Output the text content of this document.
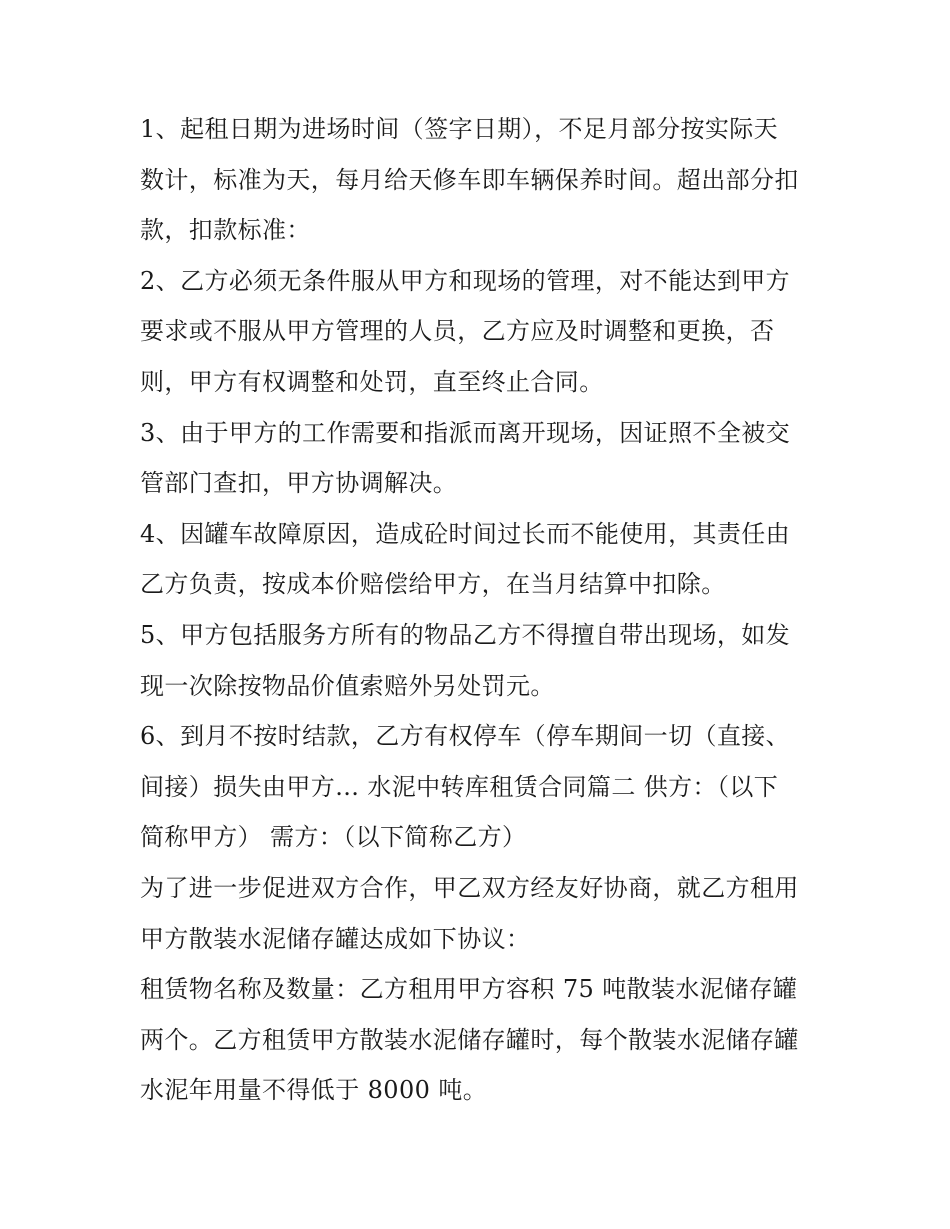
1、起租日期为进场时间（签字日期），不足月部分按实际天
数计，标准为天，每月给天修车即车辆保养时间。超出部分扣
款，扣款标准：
2、乙方必须无条件服从甲方和现场的管理，对不能达到甲方
要求或不服从甲方管理的人员，乙方应及时调整和更换，否
则，甲方有权调整和处罚，直至终止合同。
3、由于甲方的工作需要和指派而离开现场，因证照不全被交
管部门查扣，甲方协调解决。
4、因罐车故障原因，造成砼时间过长而不能使用，其责任由
乙方负责，按成本价赔偿给甲方，在当月结算中扣除。
5、甲方包括服务方所有的物品乙方不得擅自带出现场，如发
现一次除按物品价值索赔外另处罚元。
6、到月不按时结款，乙方有权停车（停车期间一切（直接、
间接）损失由甲方... 水泥中转库租赁合同篇二 供方：（以下
简称甲方） 需方：（以下简称乙方）
为了进一步促进双方合作，甲乙双方经友好协商，就乙方租用
甲方散装水泥储存罐达成如下协议：
租赁物名称及数量：乙方租用甲方容积 75 吨散装水泥储存罐
两个。乙方租赁甲方散装水泥储存罐时，每个散装水泥储存罐
水泥年用量不得低于 8000 吨。
